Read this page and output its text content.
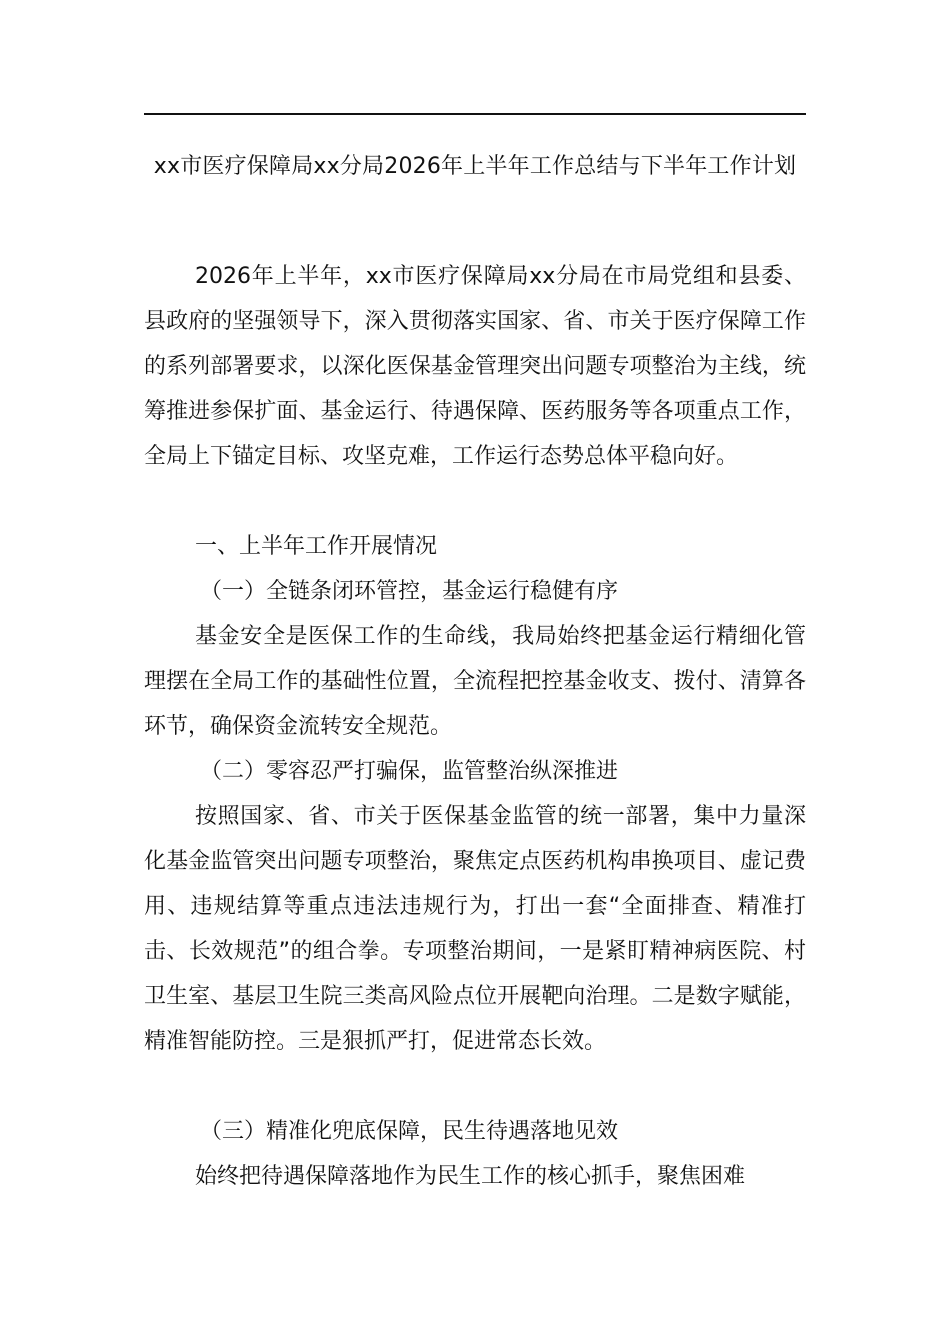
xx市医疗保障局xx分局2026年上半年工作总结与下半年工作计划

2026年上半年，xx市医疗保障局xx分局在市局党组和县委、县政府的坚强领导下，深入贯彻落实国家、省、市关于医疗保障工作的系列部署要求，以深化医保基金管理突出问题专项整治为主线，统筹推进参保扩面、基金运行、待遇保障、医药服务等各项重点工作，全局上下锚定目标、攻坚克难，工作运行态势总体平稳向好。

一、上半年工作开展情况
（一）全链条闭环管控，基金运行稳健有序

基金安全是医保工作的生命线，我局始终把基金运行精细化管理摆在全局工作的基础性位置，全流程把控基金收支、拨付、清算各环节，确保资金流转安全规范。

（二）零容忍严打骗保，监管整治纵深推进

按照国家、省、市关于医保基金监管的统一部署，集中力量深化基金监管突出问题专项整治，聚焦定点医药机构串换项目、虚记费用、违规结算等重点违法违规行为，打出一套“全面排查、精准打击、长效规范”的组合拳。专项整治期间，一是紧盯精神病医院、村卫生室、基层卫生院三类高风险点位开展靶向治理。二是数字赋能，精准智能防控。三是狠抓严打，促进常态长效。

（三）精准化兜底保障，民生待遇落地见效

始终把待遇保障落地作为民生工作的核心抓手，聚焦困难
